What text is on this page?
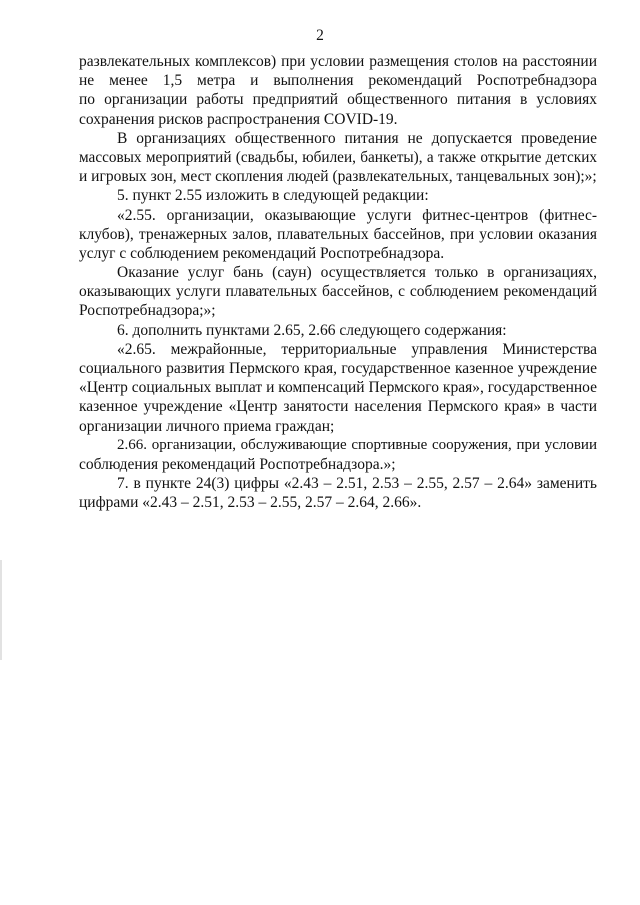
2
развлекательных комплексов) при условии размещения столов на расстоянии
не менее 1,5 метра и выполнения рекомендаций Роспотребнадзора
по организации работы предприятий общественного питания в условиях
сохранения рисков распространения COVID-19.
В организациях общественного питания не допускается проведение
массовых мероприятий (свадьбы, юбилеи, банкеты), а также открытие детских
и игровых зон, мест скопления людей (развлекательных, танцевальных зон);»;
5. пункт 2.55 изложить в следующей редакции:
«2.55. организации, оказывающие услуги фитнес-центров (фитнес-
клубов), тренажерных залов, плавательных бассейнов, при условии оказания
услуг с соблюдением рекомендаций Роспотребнадзора.
Оказание услуг бань (саун) осуществляется только в организациях,
оказывающих услуги плавательных бассейнов, с соблюдением рекомендаций
Роспотребнадзора;»;
6. дополнить пунктами 2.65, 2.66 следующего содержания:
«2.65. межрайонные, территориальные управления Министерства
социального развития Пермского края, государственное казенное учреждение
«Центр социальных выплат и компенсаций Пермского края», государственное
казенное учреждение «Центр занятости населения Пермского края» в части
организации личного приема граждан;
2.66. организации, обслуживающие спортивные сооружения, при условии
соблюдения рекомендаций Роспотребнадзора.»;
7. в пункте 24(3) цифры «2.43 – 2.51, 2.53 – 2.55, 2.57 – 2.64» заменить
цифрами «2.43 – 2.51, 2.53 – 2.55, 2.57 – 2.64, 2.66».
